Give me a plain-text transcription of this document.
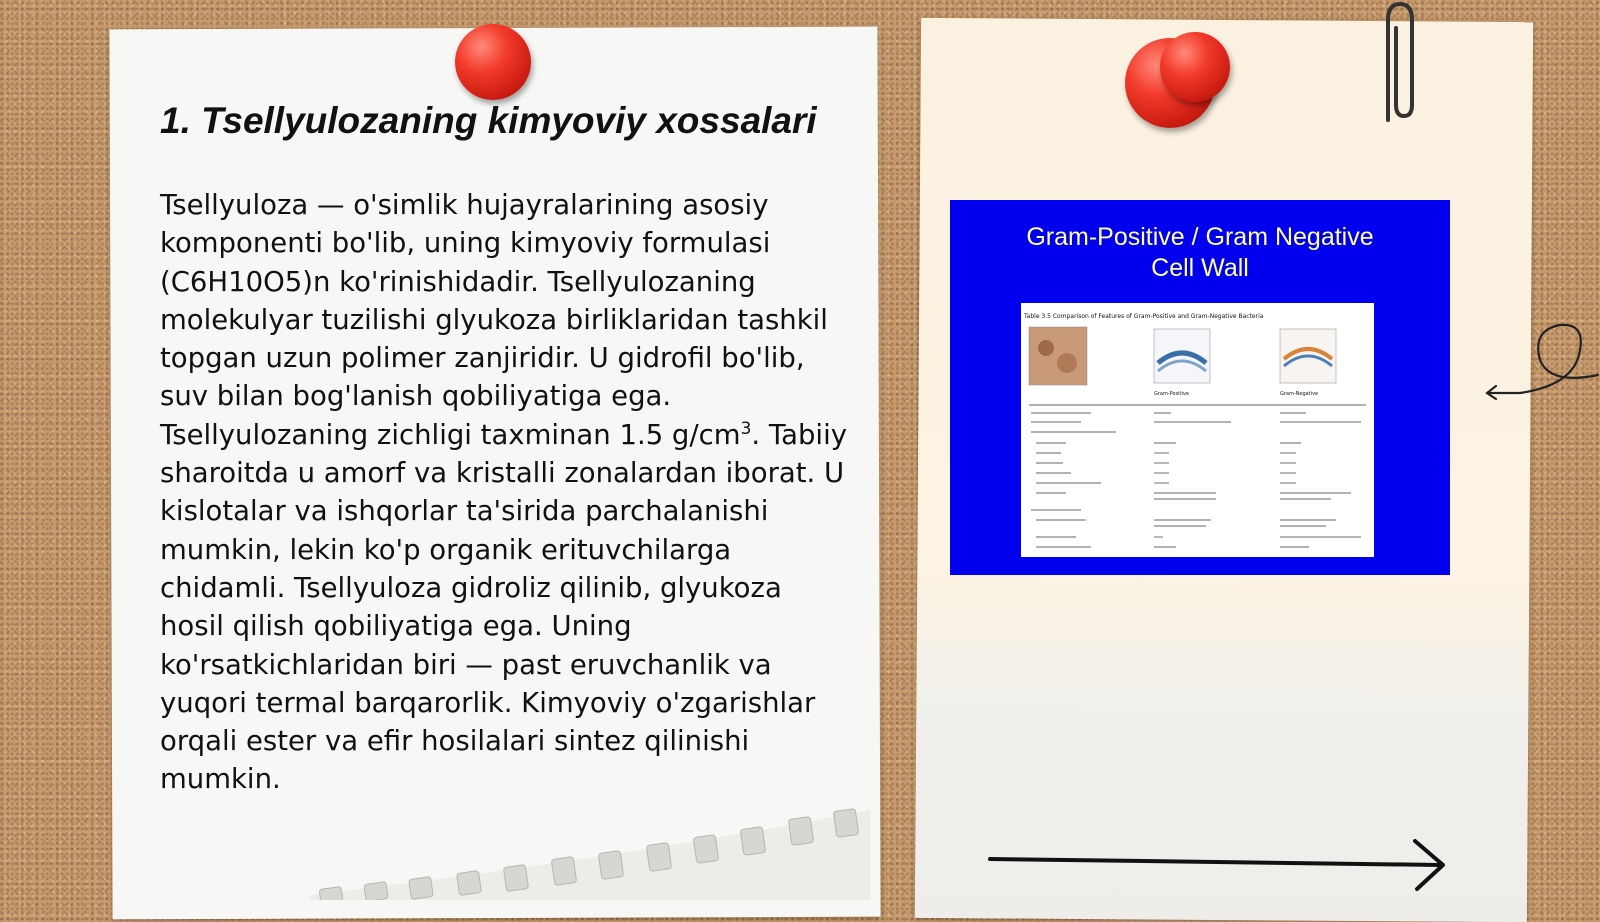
1. Tsellyulozaning kimyoviy xossalari

Tsellyuloza — o'simlik hujayralarining asosiy komponenti bo'lib, uning kimyoviy formulasi (C6H10O5)n ko'rinishidadir. Tsellyulozaning molekulyar tuzilishi glyukoza birliklaridan tashkil topgan uzun polimer zanjiridir. U gidrofil bo'lib, suv bilan bog'lanish qobiliyatiga ega. Tsellyulozaning zichligi taxminan 1.5 $g/cm^3$. Tabiiy sharoitda u amorf va kristalli zonalardan iborat. U kislotalar va ishqorlar ta'sirida parchalanishi mumkin, lekin ko'p organik erituvchilarga chidamli. Tsellyuloza gidroliz qilinib, glyukoza hosil qilish qobiliyatiga ega. Uning ko'rsatkichlaridan biri — past eruvchanlik va yuqori termal barqarorlik. Kimyoviy o'zgarishlar orqali ester va efir hosilalari sintez qilinishi mumkin.

Gram-Positive / Gram Negative
Cell Wall
Table 3.5 Comparison of Features of Gram-Positive and Gram-Negative Bacteria
Gram-Positive	Gram-Negative
